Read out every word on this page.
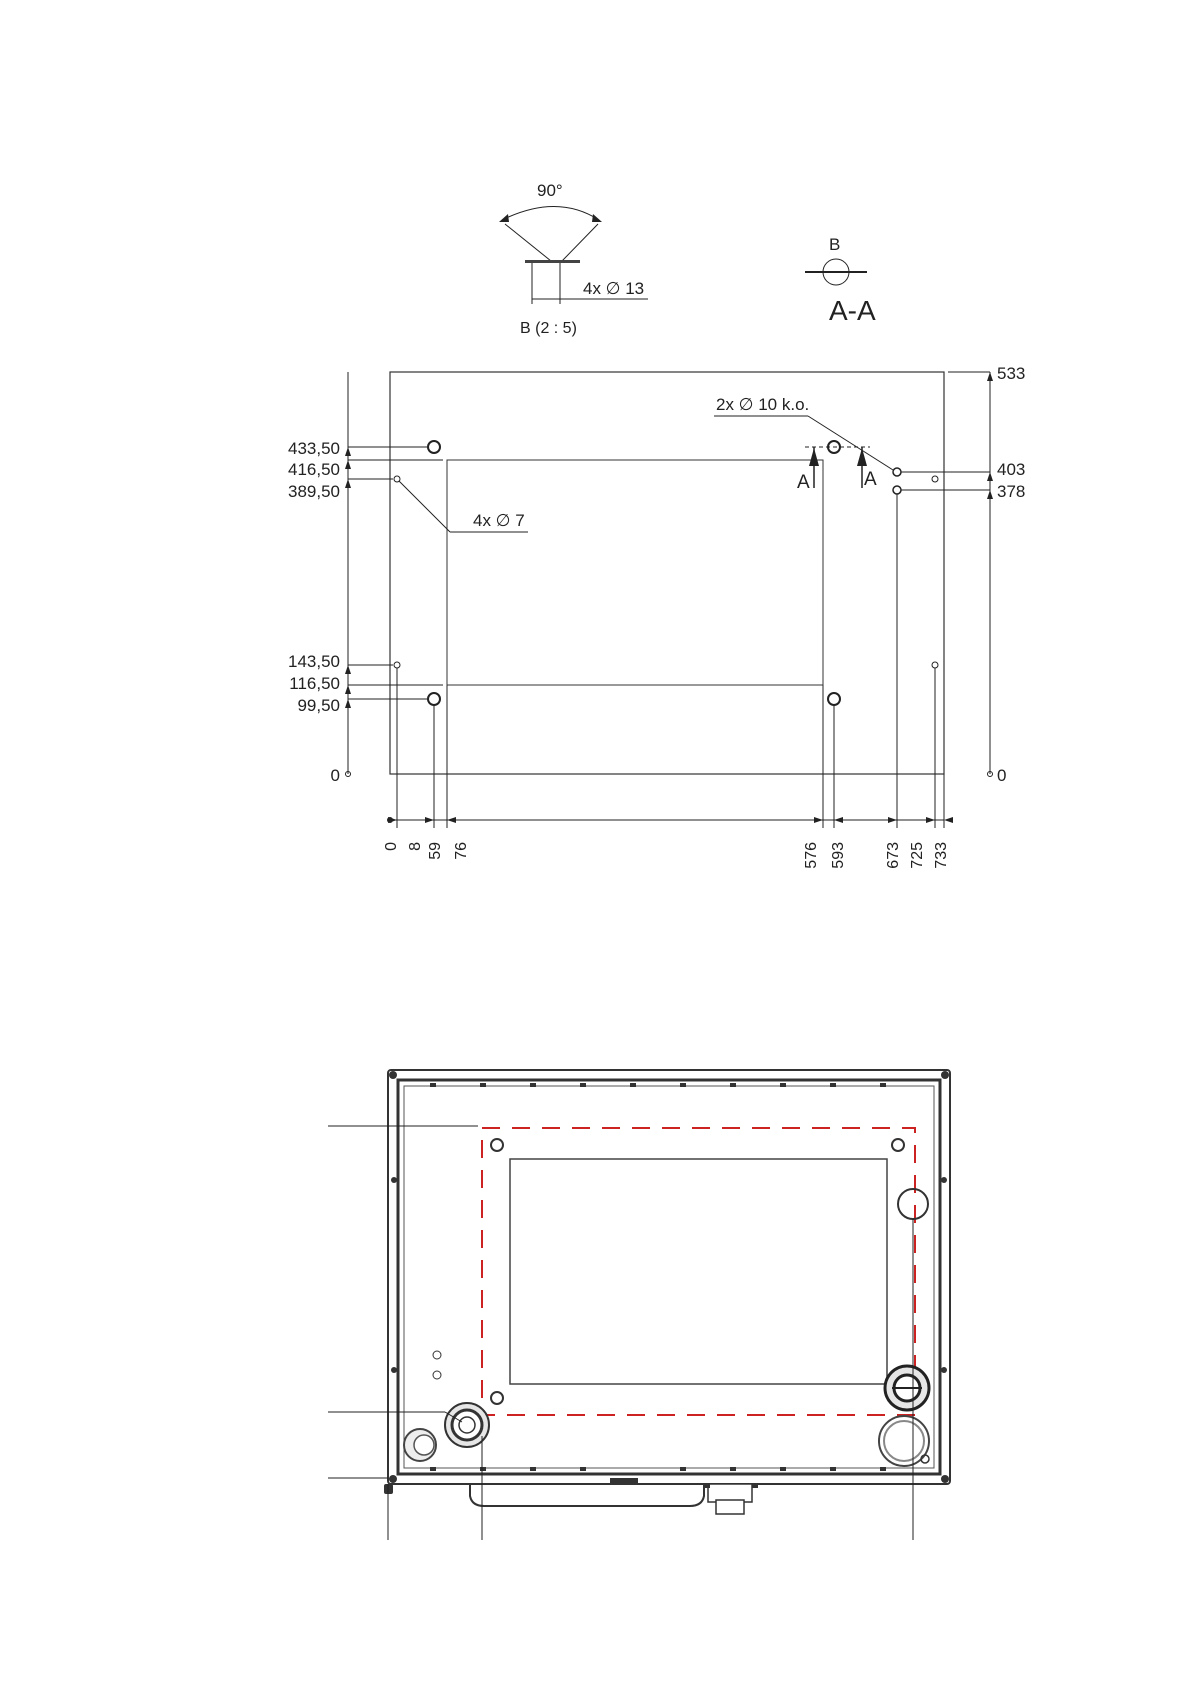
90°
4x ∅ 13
B (2 : 5)
B
A-A
A	A
2x ∅ 10 k.o.
4x ∅ 7
433,50
416,50
389,50
143,50
116,50
99,50
0
533
403
378
0
0 8 59 76	576 593 673 725 733
